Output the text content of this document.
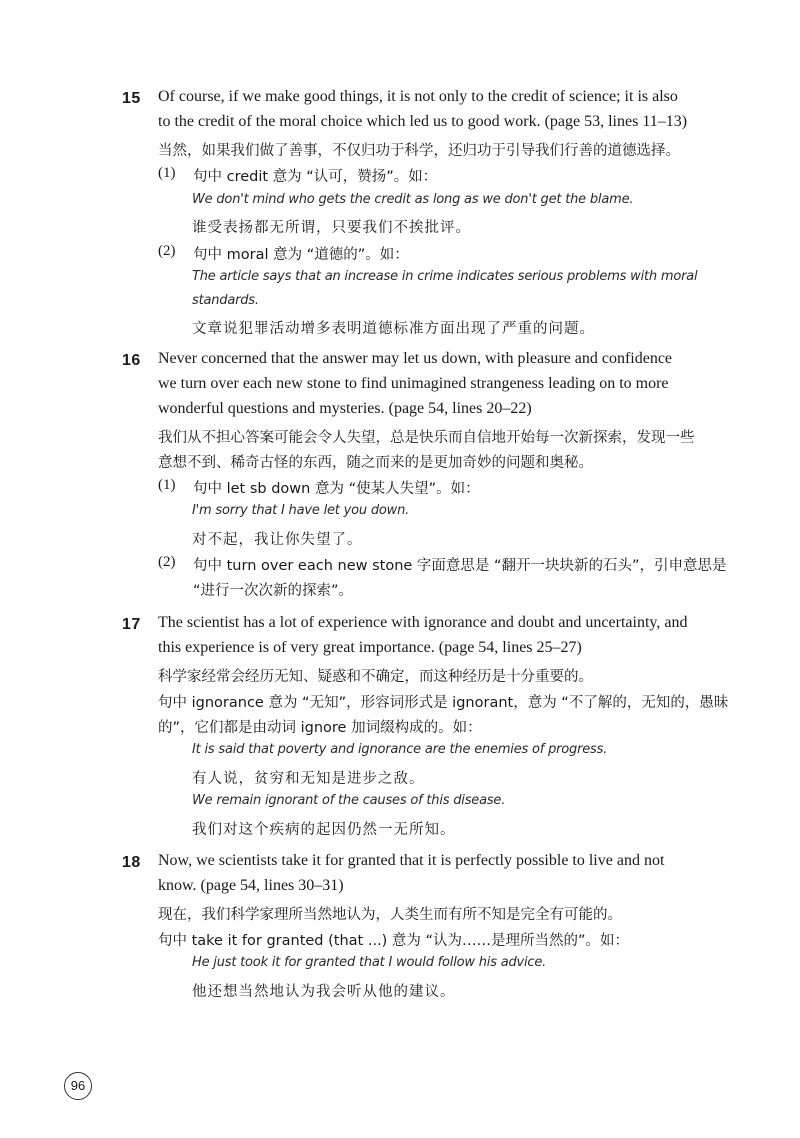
15 Of course, if we make good things, it is not only to the credit of science; it is also
to the credit of the moral choice which led us to good work. (page 53, lines 11–13)
当然，如果我们做了善事，不仅归功于科学，还归功于引导我们行善的道德选择。
(1) 句中 credit 意为 “认可，赞扬”。如：
We don't mind who gets the credit as long as we don't get the blame.
谁受表扬都无所谓，只要我们不挨批评。
(2) 句中 moral 意为 “道德的”。如：
The article says that an increase in crime indicates serious problems with moral
standards.
文章说犯罪活动增多表明道德标准方面出现了严重的问题。
16 Never concerned that the answer may let us down, with pleasure and confidence
we turn over each new stone to find unimagined strangeness leading on to more
wonderful questions and mysteries. (page 54, lines 20–22)
我们从不担心答案可能会令人失望，总是快乐而自信地开始每一次新探索，发现一些
意想不到、稀奇古怪的东西，随之而来的是更加奇妙的问题和奥秘。
(1) 句中 let sb down 意为 “使某人失望”。如：
I'm sorry that I have let you down.
对不起，我让你失望了。
(2) 句中 turn over each new stone 字面意思是 “翻开一块块新的石头”，引申意思是
“进行一次次新的探索”。
17 The scientist has a lot of experience with ignorance and doubt and uncertainty, and
this experience is of very great importance. (page 54, lines 25–27)
科学家经常会经历无知、疑惑和不确定，而这种经历是十分重要的。
句中 ignorance 意为 “无知”，形容词形式是 ignorant，意为 “不了解的，无知的，愚昧
的”，它们都是由动词 ignore 加词缀构成的。如：
It is said that poverty and ignorance are the enemies of progress.
有人说，贫穷和无知是进步之敌。
We remain ignorant of the causes of this disease.
我们对这个疾病的起因仍然一无所知。
18 Now, we scientists take it for granted that it is perfectly possible to live and not
know. (page 54, lines 30–31)
现在，我们科学家理所当然地认为，人类生而有所不知是完全有可能的。
句中 take it for granted (that ...) 意为 “认为……是理所当然的”。如：
He just took it for granted that I would follow his advice.
他还想当然地认为我会听从他的建议。
96
